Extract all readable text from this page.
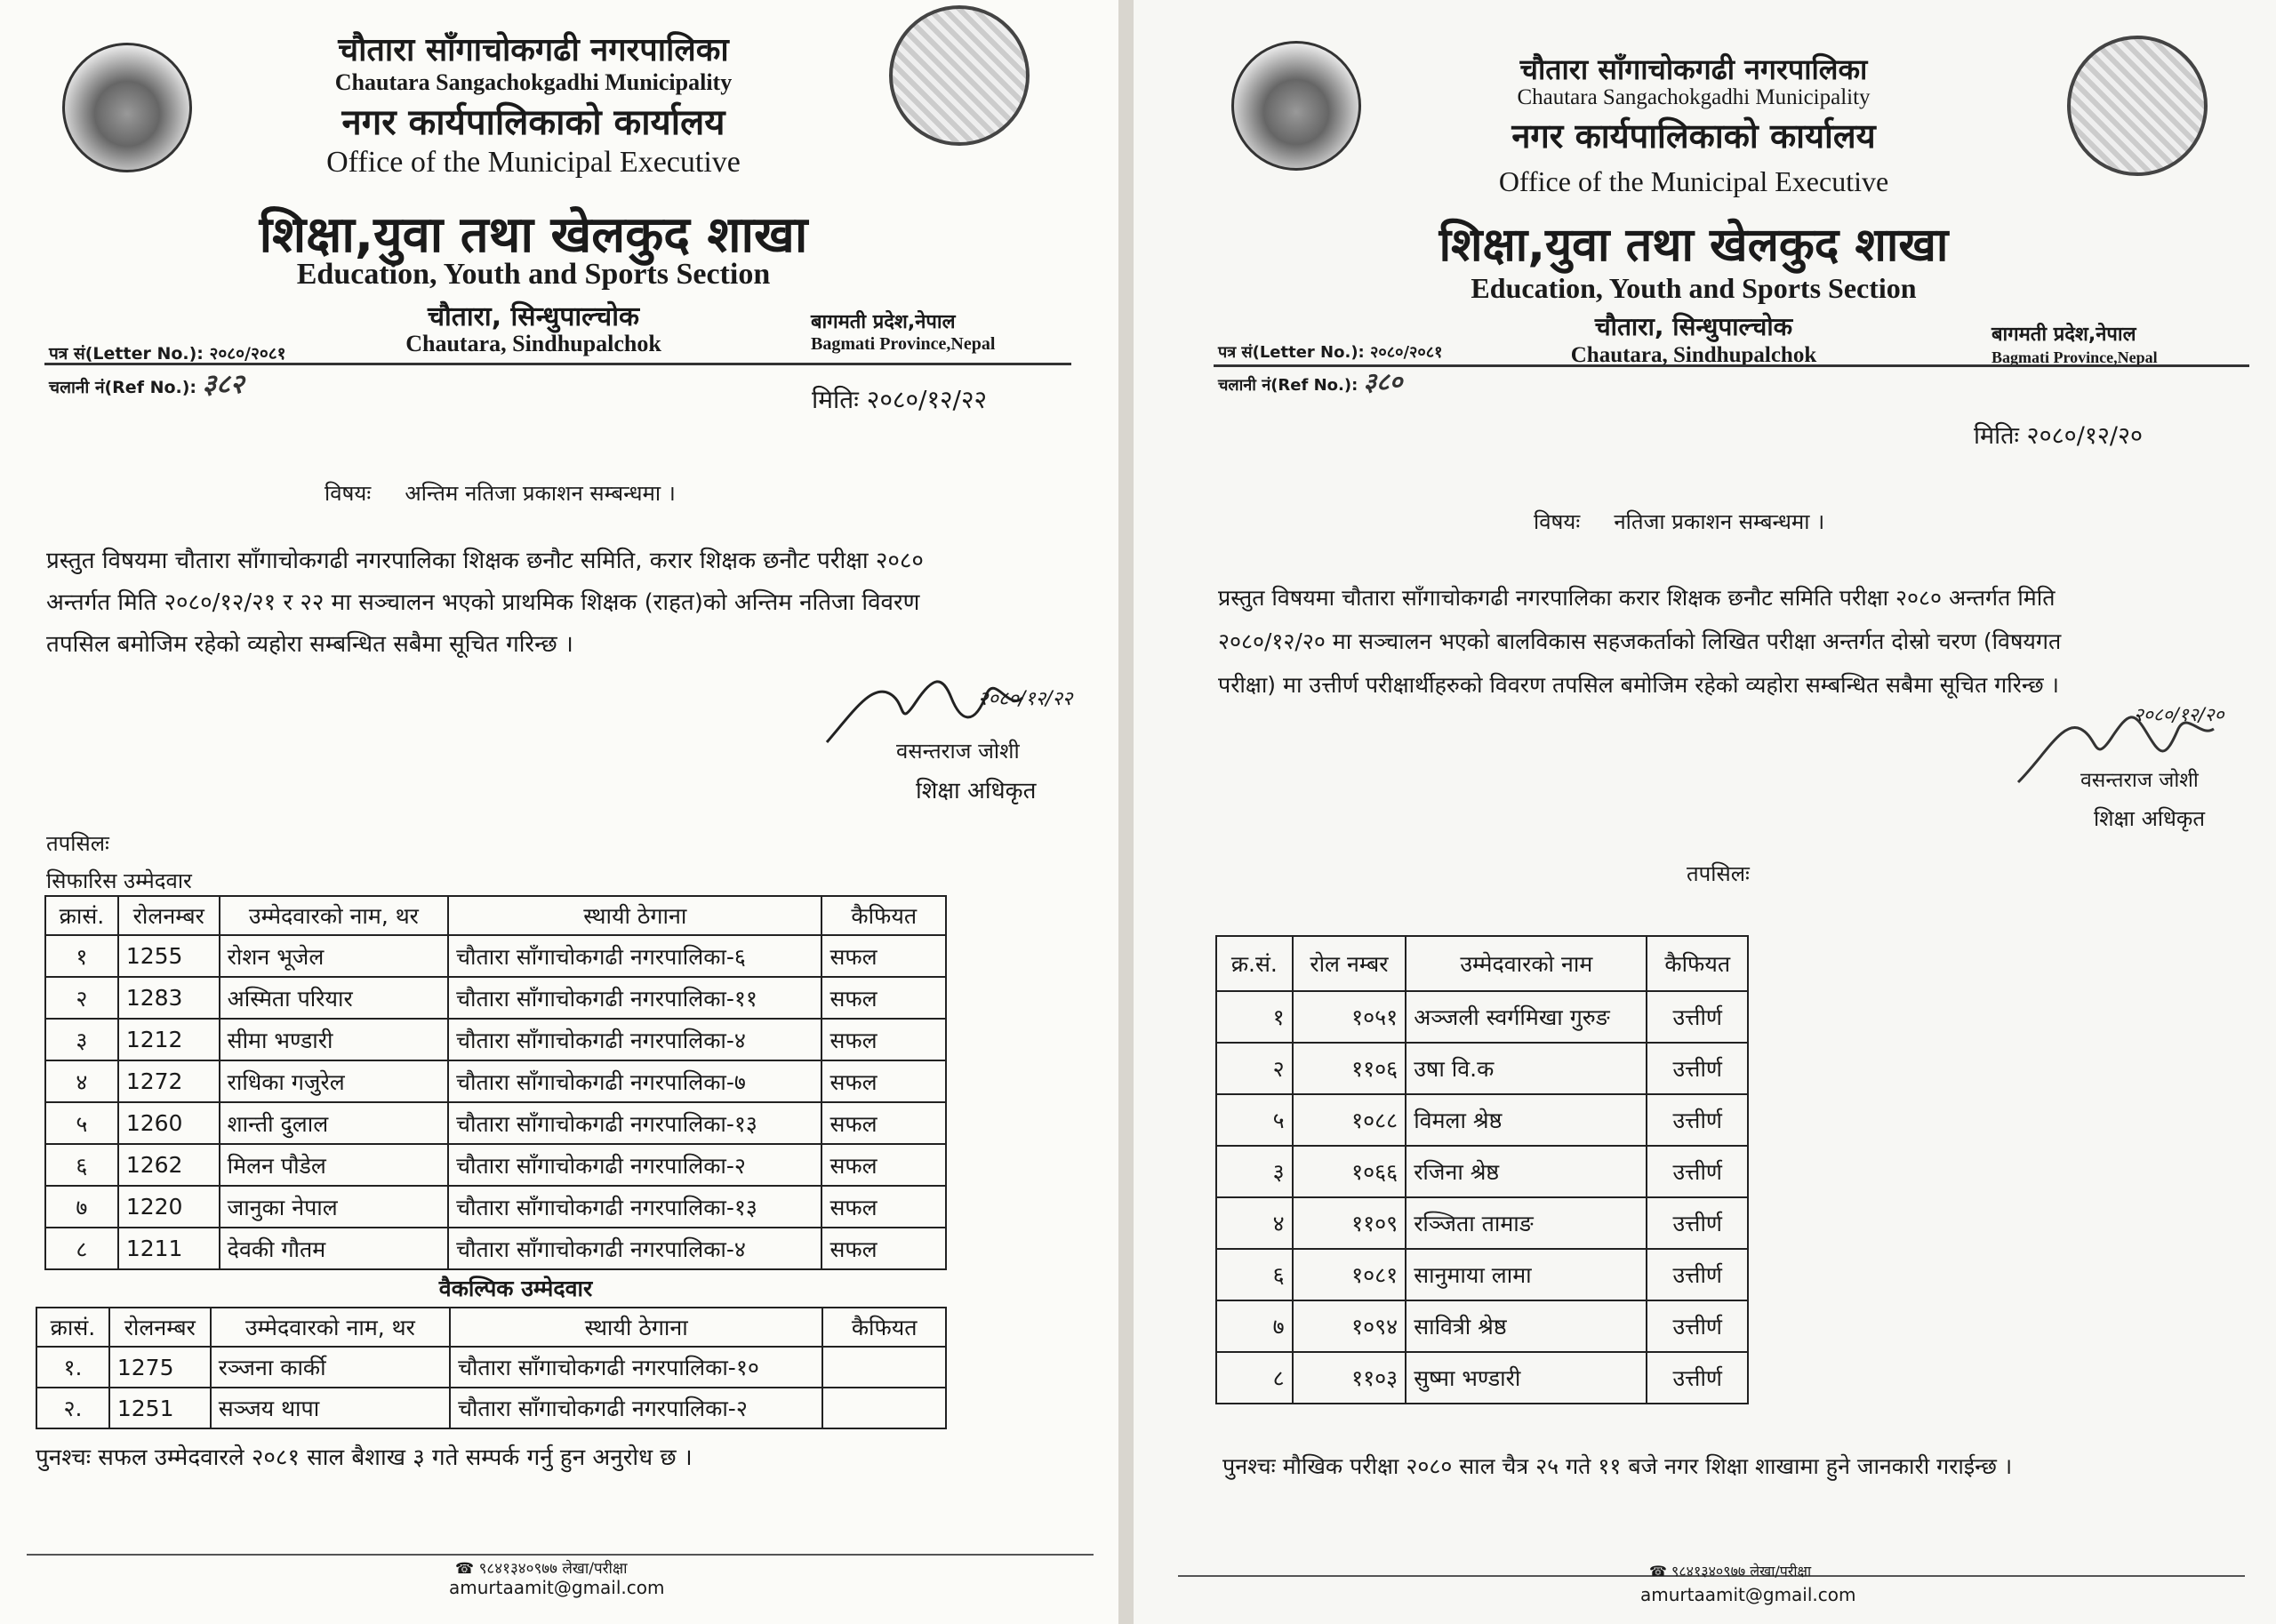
चौतारा साँगाचोकगढी नगरपालिका
Chautara Sangachokgadhi Municipality
नगर कार्यपालिकाको कार्यालय
Office of the Municipal Executive
शिक्षा,युवा तथा खेलकुद शाखा
Education, Youth and Sports Section
चौतारा, सिन्धुपाल्चोक
Chautara, Sindhupalchok
बागमती प्रदेश,नेपाल
Bagmati Province,Nepal
पत्र सं(Letter No.): २०८०/२०८१
चलानी नं(Ref No.): ३८२	मितिः २०८०/१२/२२
विषयः अन्तिम नतिजा प्रकाशन सम्बन्धमा ।
प्रस्तुत विषयमा चौतारा साँगाचोकगढी नगरपालिका शिक्षक छनौट समिति, करार शिक्षक छनौट परीक्षा २०८०
अन्तर्गत मिति २०८०/१२/२१ र २२ मा सञ्चालन भएको प्राथमिक शिक्षक (राहत)को अन्तिम नतिजा विवरण
तपसिल बमोजिम रहेको व्यहोरा सम्बन्धित सबैमा सूचित गरिन्छ ।
२०८०/१२/२२
वसन्तराज जोशी
शिक्षा अधिकृत
तपसिलः
सिफारिस उम्मेदवार
क्रासं.	रोलनम्बर	उम्मेदवारको नाम, थर	स्थायी ठेगाना	कैफियत
१	1255	रोशन भूजेल	चौतारा साँगाचोकगढी नगरपालिका-६	सफल
२	1283	अस्मिता परियार	चौतारा साँगाचोकगढी नगरपालिका-११	सफल
३	1212	सीमा भण्डारी	चौतारा साँगाचोकगढी नगरपालिका-४	सफल
४	1272	राधिका गजुरेल	चौतारा साँगाचोकगढी नगरपालिका-७	सफल
५	1260	शान्ती दुलाल	चौतारा साँगाचोकगढी नगरपालिका-१३	सफल
६	1262	मिलन पौडेल	चौतारा साँगाचोकगढी नगरपालिका-२	सफल
७	1220	जानुका नेपाल	चौतारा साँगाचोकगढी नगरपालिका-१३	सफल
८	1211	देवकी गौतम	चौतारा साँगाचोकगढी नगरपालिका-४	सफल
वैकल्पिक उम्मेदवार
क्रासं.	रोलनम्बर	उम्मेदवारको नाम, थर	स्थायी ठेगाना	कैफियत
१.	1275	रञ्जना कार्की	चौतारा साँगाचोकगढी नगरपालिका-१०	
२.	1251	सञ्जय थापा	चौतारा साँगाचोकगढी नगरपालिका-२	
पुनश्चः सफल उम्मेदवारले २०८१ साल बैशाख ३ गते सम्पर्क गर्नु हुन अनुरोध छ ।
☎ ९८४१३४०९७७ लेखा/परीक्षा
amurtaamit@gmail.com
चौतारा साँगाचोकगढी नगरपालिका
Chautara Sangachokgadhi Municipality
नगर कार्यपालिकाको कार्यालय
Office of the Municipal Executive
शिक्षा,युवा तथा खेलकुद शाखा
Education, Youth and Sports Section
चौतारा, सिन्धुपाल्चोक
Chautara, Sindhupalchok
बागमती प्रदेश,नेपाल
Bagmati Province,Nepal
पत्र सं(Letter No.): २०८०/२०८१
चलानी नं(Ref No.): ३८०
मितिः २०८०/१२/२०
विषयः नतिजा प्रकाशन सम्बन्धमा ।
प्रस्तुत विषयमा चौतारा साँगाचोकगढी नगरपालिका करार शिक्षक छनौट समिति परीक्षा २०८० अन्तर्गत मिति
२०८०/१२/२० मा सञ्चालन भएको बालविकास सहजकर्ताको लिखित परीक्षा अन्तर्गत दोस्रो चरण (विषयगत
परीक्षा) मा उत्तीर्ण परीक्षार्थीहरुको विवरण तपसिल बमोजिम रहेको व्यहोरा सम्बन्धित सबैमा सूचित गरिन्छ ।
२०८०/१२/२०
वसन्तराज जोशी
शिक्षा अधिकृत
तपसिलः
क्र.सं.	रोल नम्बर	उम्मेदवारको नाम	कैफियत
१	१०५१	अञ्जली स्वर्गमिखा गुरुङ	उत्तीर्ण
२	११०६	उषा वि.क	उत्तीर्ण
५	१०८८	विमला श्रेष्ठ	उत्तीर्ण
३	१०६६	रजिना श्रेष्ठ	उत्तीर्ण
४	११०९	रञ्जिता तामाङ	उत्तीर्ण
६	१०८१	सानुमाया लामा	उत्तीर्ण
७	१०९४	सावित्री श्रेष्ठ	उत्तीर्ण
८	११०३	सुष्मा भण्डारी	उत्तीर्ण
पुनश्चः मौखिक परीक्षा २०८० साल चैत्र २५ गते ११ बजे नगर शिक्षा शाखामा हुने जानकारी गराईन्छ ।
☎ ९८४१३४०९७७ लेखा/परीक्षा
amurtaamit@gmail.com
